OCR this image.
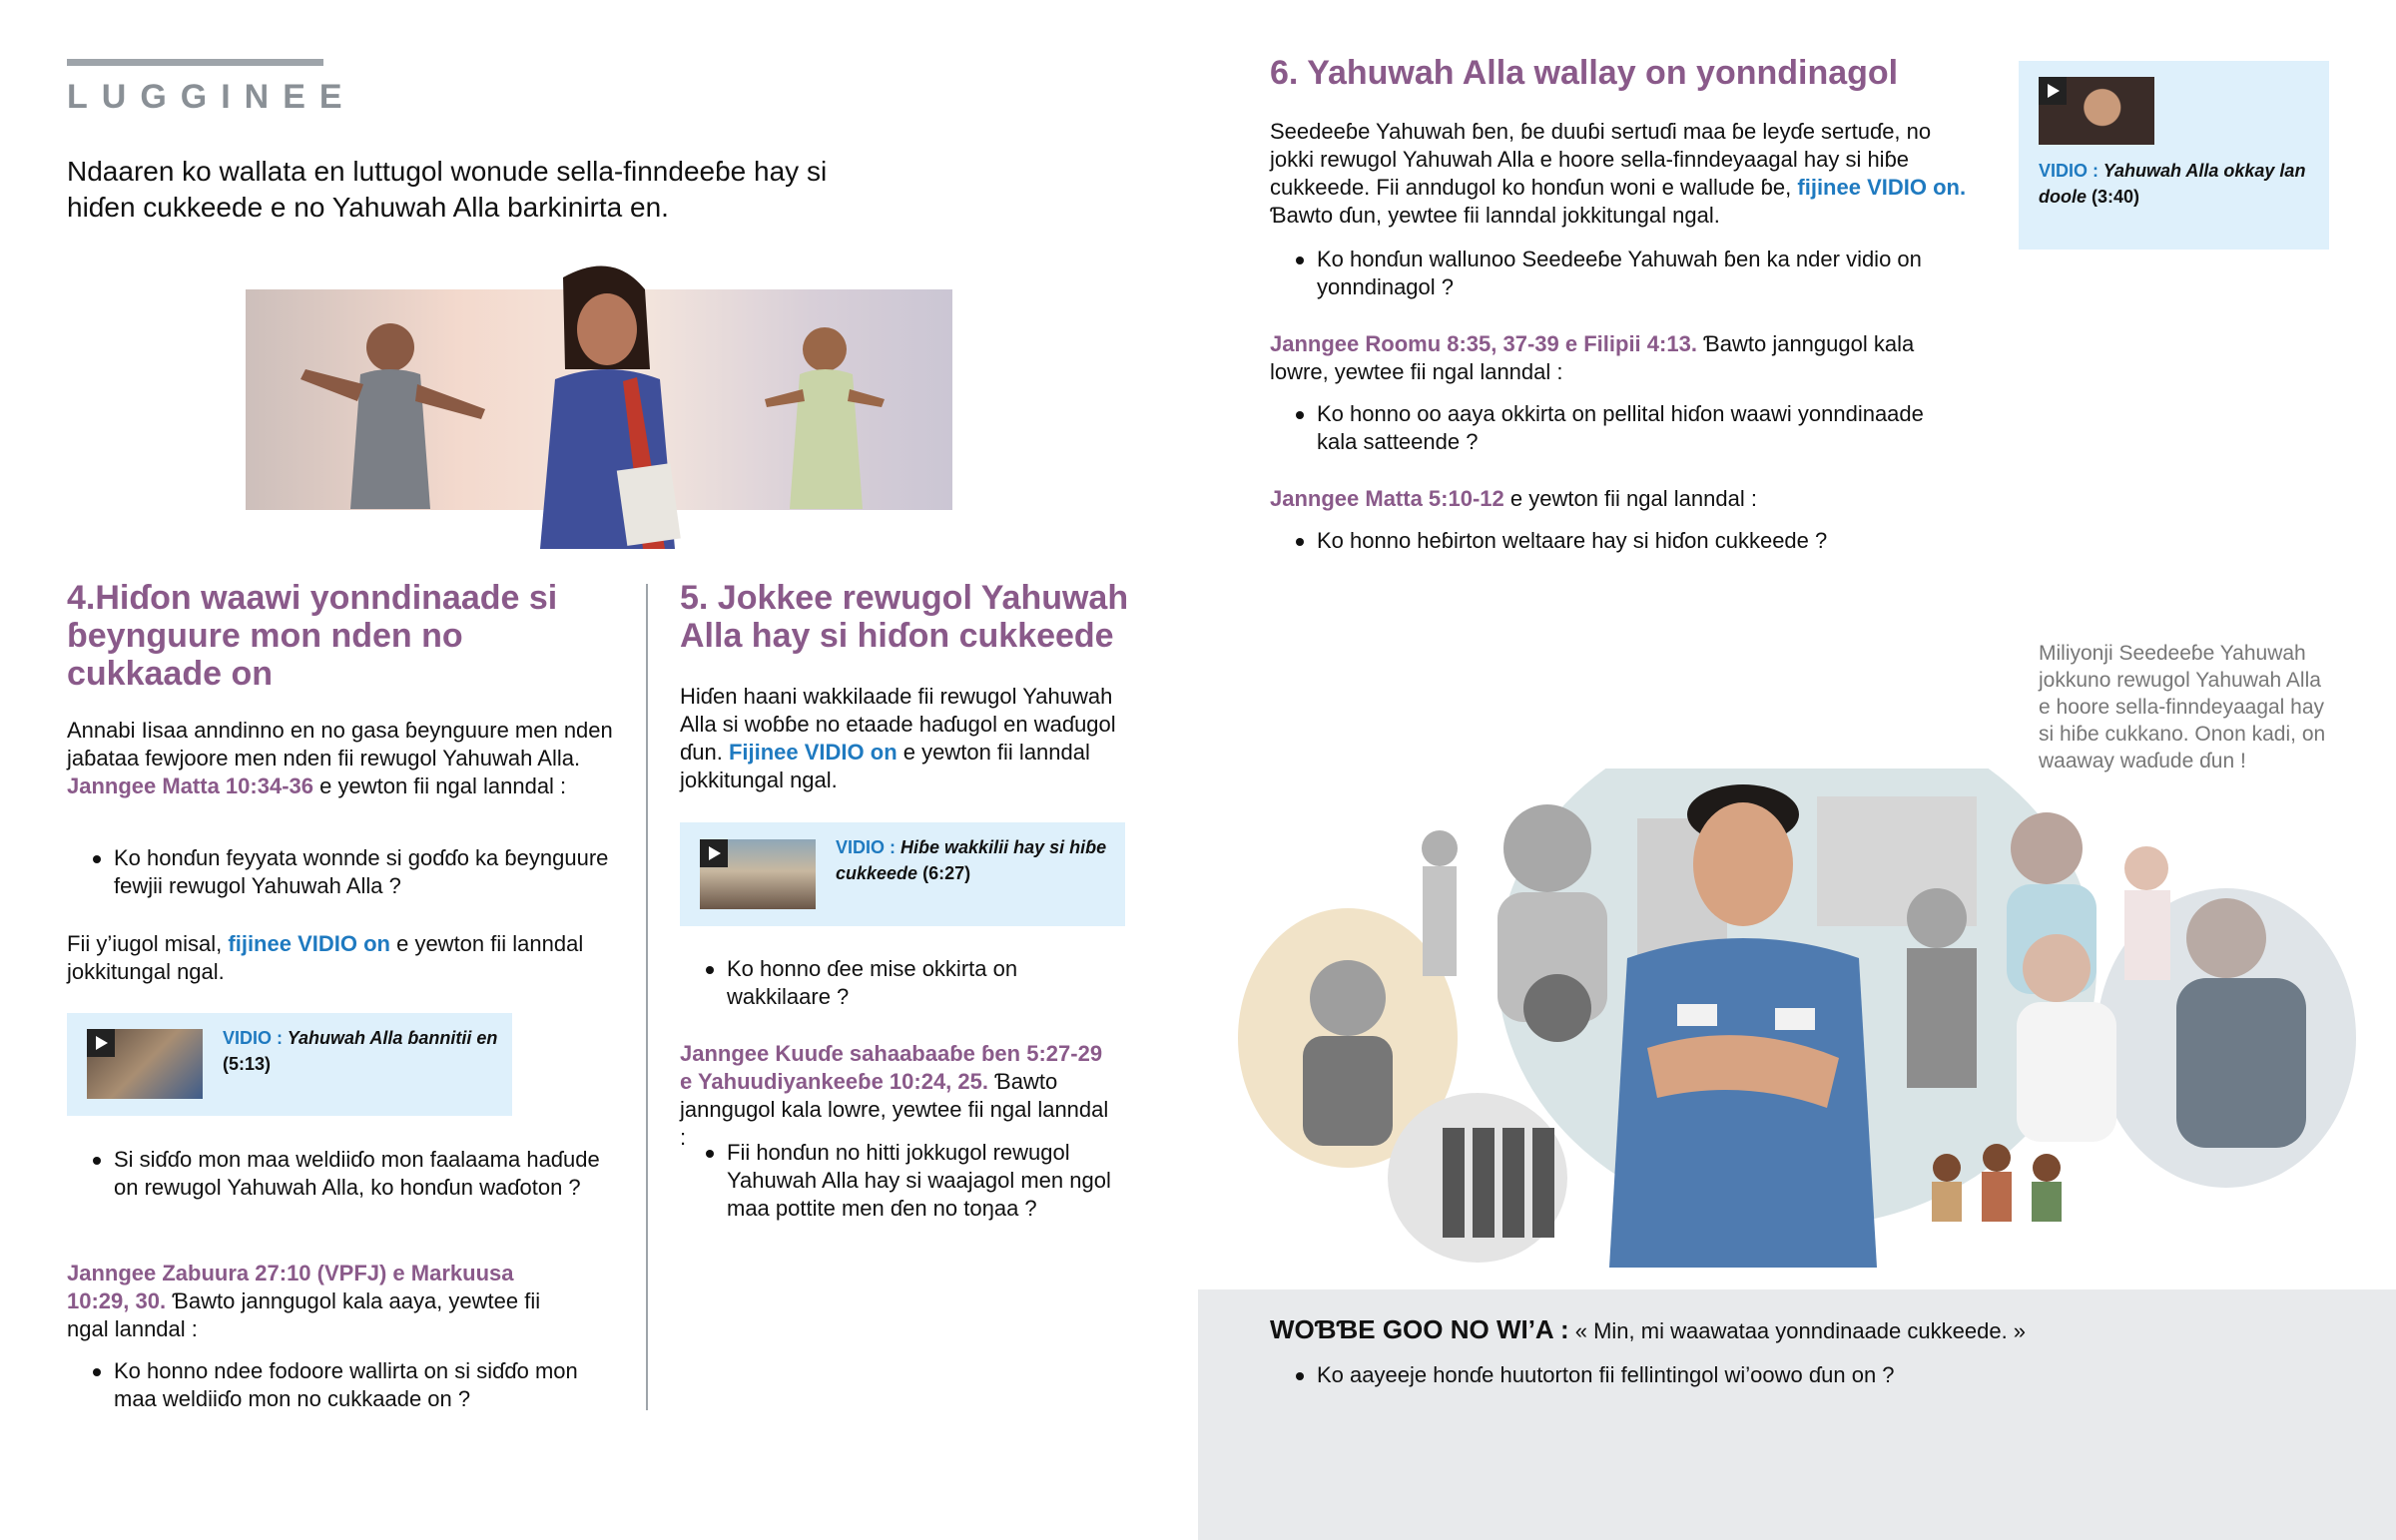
LUGGINEE
Ndaaren ko wallata en luttugol wonude sella-finndeeɓe hay si hiɗen cukkeede e no Yahuwah Alla barkinirta en.
4.Hiɗon waawi yonndinaade si ɓeynguure mon nden no cukkaade on
Annabi Iisaa anndinno en no gasa ɓeynguure men nden jaɓataa fewjoore men nden fii rewugol Yahuwah Alla. Janngee Matta 10:34-36 e yewton fii ngal lanndal :
Ko honɗun feyyata wonnde si goɗɗo ka ɓeynguure fewjii rewugol Yahuwah Alla ?
Fii y’iugol misal, fijinee VIDIO on e yewton fii lanndal jokkitungal ngal.
VIDIO : Yahuwah Alla ɓannitii en (5:13)
Si siɗɗo mon maa weldiiɗo mon faalaama haɗude on rewugol Yahuwah Alla, ko honɗun waɗoton ?
Janngee Zabuura 27:10 (VPFJ) e Markuusa 10:29, 30. Ɓawto janngugol kala aaya, yewtee fii ngal lanndal :
Ko honno ndee fodoore wallirta on si siɗɗo mon maa weldiiɗo mon no cukkaade on ?
5. Jokkee rewugol Yahuwah Alla hay si hiɗon cukkeede
Hiɗen haani wakkilaade fii rewugol Yahuwah Alla si woɓɓe no etaade haɗugol en waɗugol ɗun. Fijinee VIDIO on e yewton fii lanndal jokkitungal ngal.
VIDIO : Hiɓe wakkilii hay si hiɓe cukkeede (6:27)
Ko honno ɗee mise okkirta on wakkilaare ?
Janngee Kuuɗe sahaabaaɓe ɓen 5:27-29 e Yahuudiyankeeɓe 10:24, 25. Ɓawto janngugol kala lowre, yewtee fii ngal lanndal :
Fii honɗun no hitti jokkugol rewugol Yahuwah Alla hay si waajagol men ngol maa pottite men ɗen no toŋaa ?
6. Yahuwah Alla wallay on yonndinagol
Seedeeɓe Yahuwah ɓen, ɓe duuɓi sertuɗi maa ɓe leyɗe sertuɗe, no jokki rewugol Yahuwah Alla e hoore sella-finndeyaagal hay si hiɓe cukkeede. Fii anndugol ko honɗun woni e wallude ɓe, fijinee VIDIO on. Ɓawto ɗun, yewtee fii lanndal jokkitungal ngal.
VIDIO : Yahuwah Alla okkay lan doole (3:40)
Ko honɗun wallunoo Seedeeɓe Yahuwah ɓen ka nder vidio on yonndinagol ?
Janngee Roomu 8:35, 37-39 e Filipii 4:13. Ɓawto janngugol kala lowre, yewtee fii ngal lanndal :
Ko honno oo aaya okkirta on pellital hiɗon waawi yonndinaade kala satteende ?
Janngee Matta 5:10-12 e yewton fii ngal lanndal :
Ko honno heɓirton weltaare hay si hiɗon cukkeede ?
Miliyonji Seedeeɓe Yahuwah jokkuno rewugol Yahuwah Alla e hoore sella-finndeyaagal hay si hiɓe cukkano. Onon kadi, on waaway waɗude ɗun !
WOƁƁE GOO NO WI’A : « Min, mi waawataa yonndinaade cukkeede. »
Ko aayeeje honɗe huutorton fii fellintingol wi’oowo ɗun on ?
